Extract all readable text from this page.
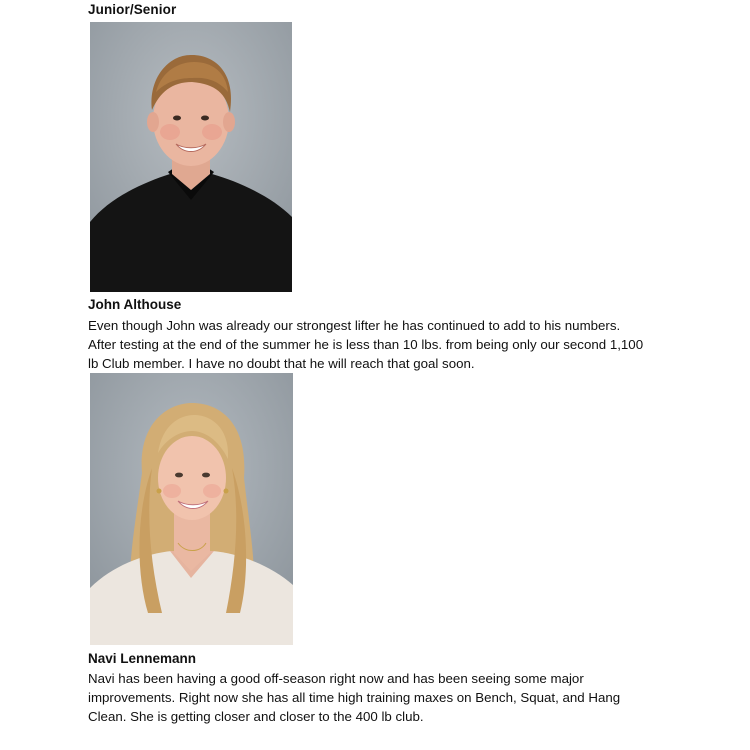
Junior/Senior
John Althouse
Even though John was already our strongest lifter he has continued to add to his numbers.
After testing at the end of the summer he is less than 10 lbs. from being only our second 1,100
lb Club member. I have no doubt that he will reach that goal soon.
Navi Lennemann
Navi has been having a good off-season right now and has been seeing some major
improvements. Right now she has all time high training maxes on Bench, Squat, and Hang
Clean. She is getting closer and closer to the 400 lb club.
